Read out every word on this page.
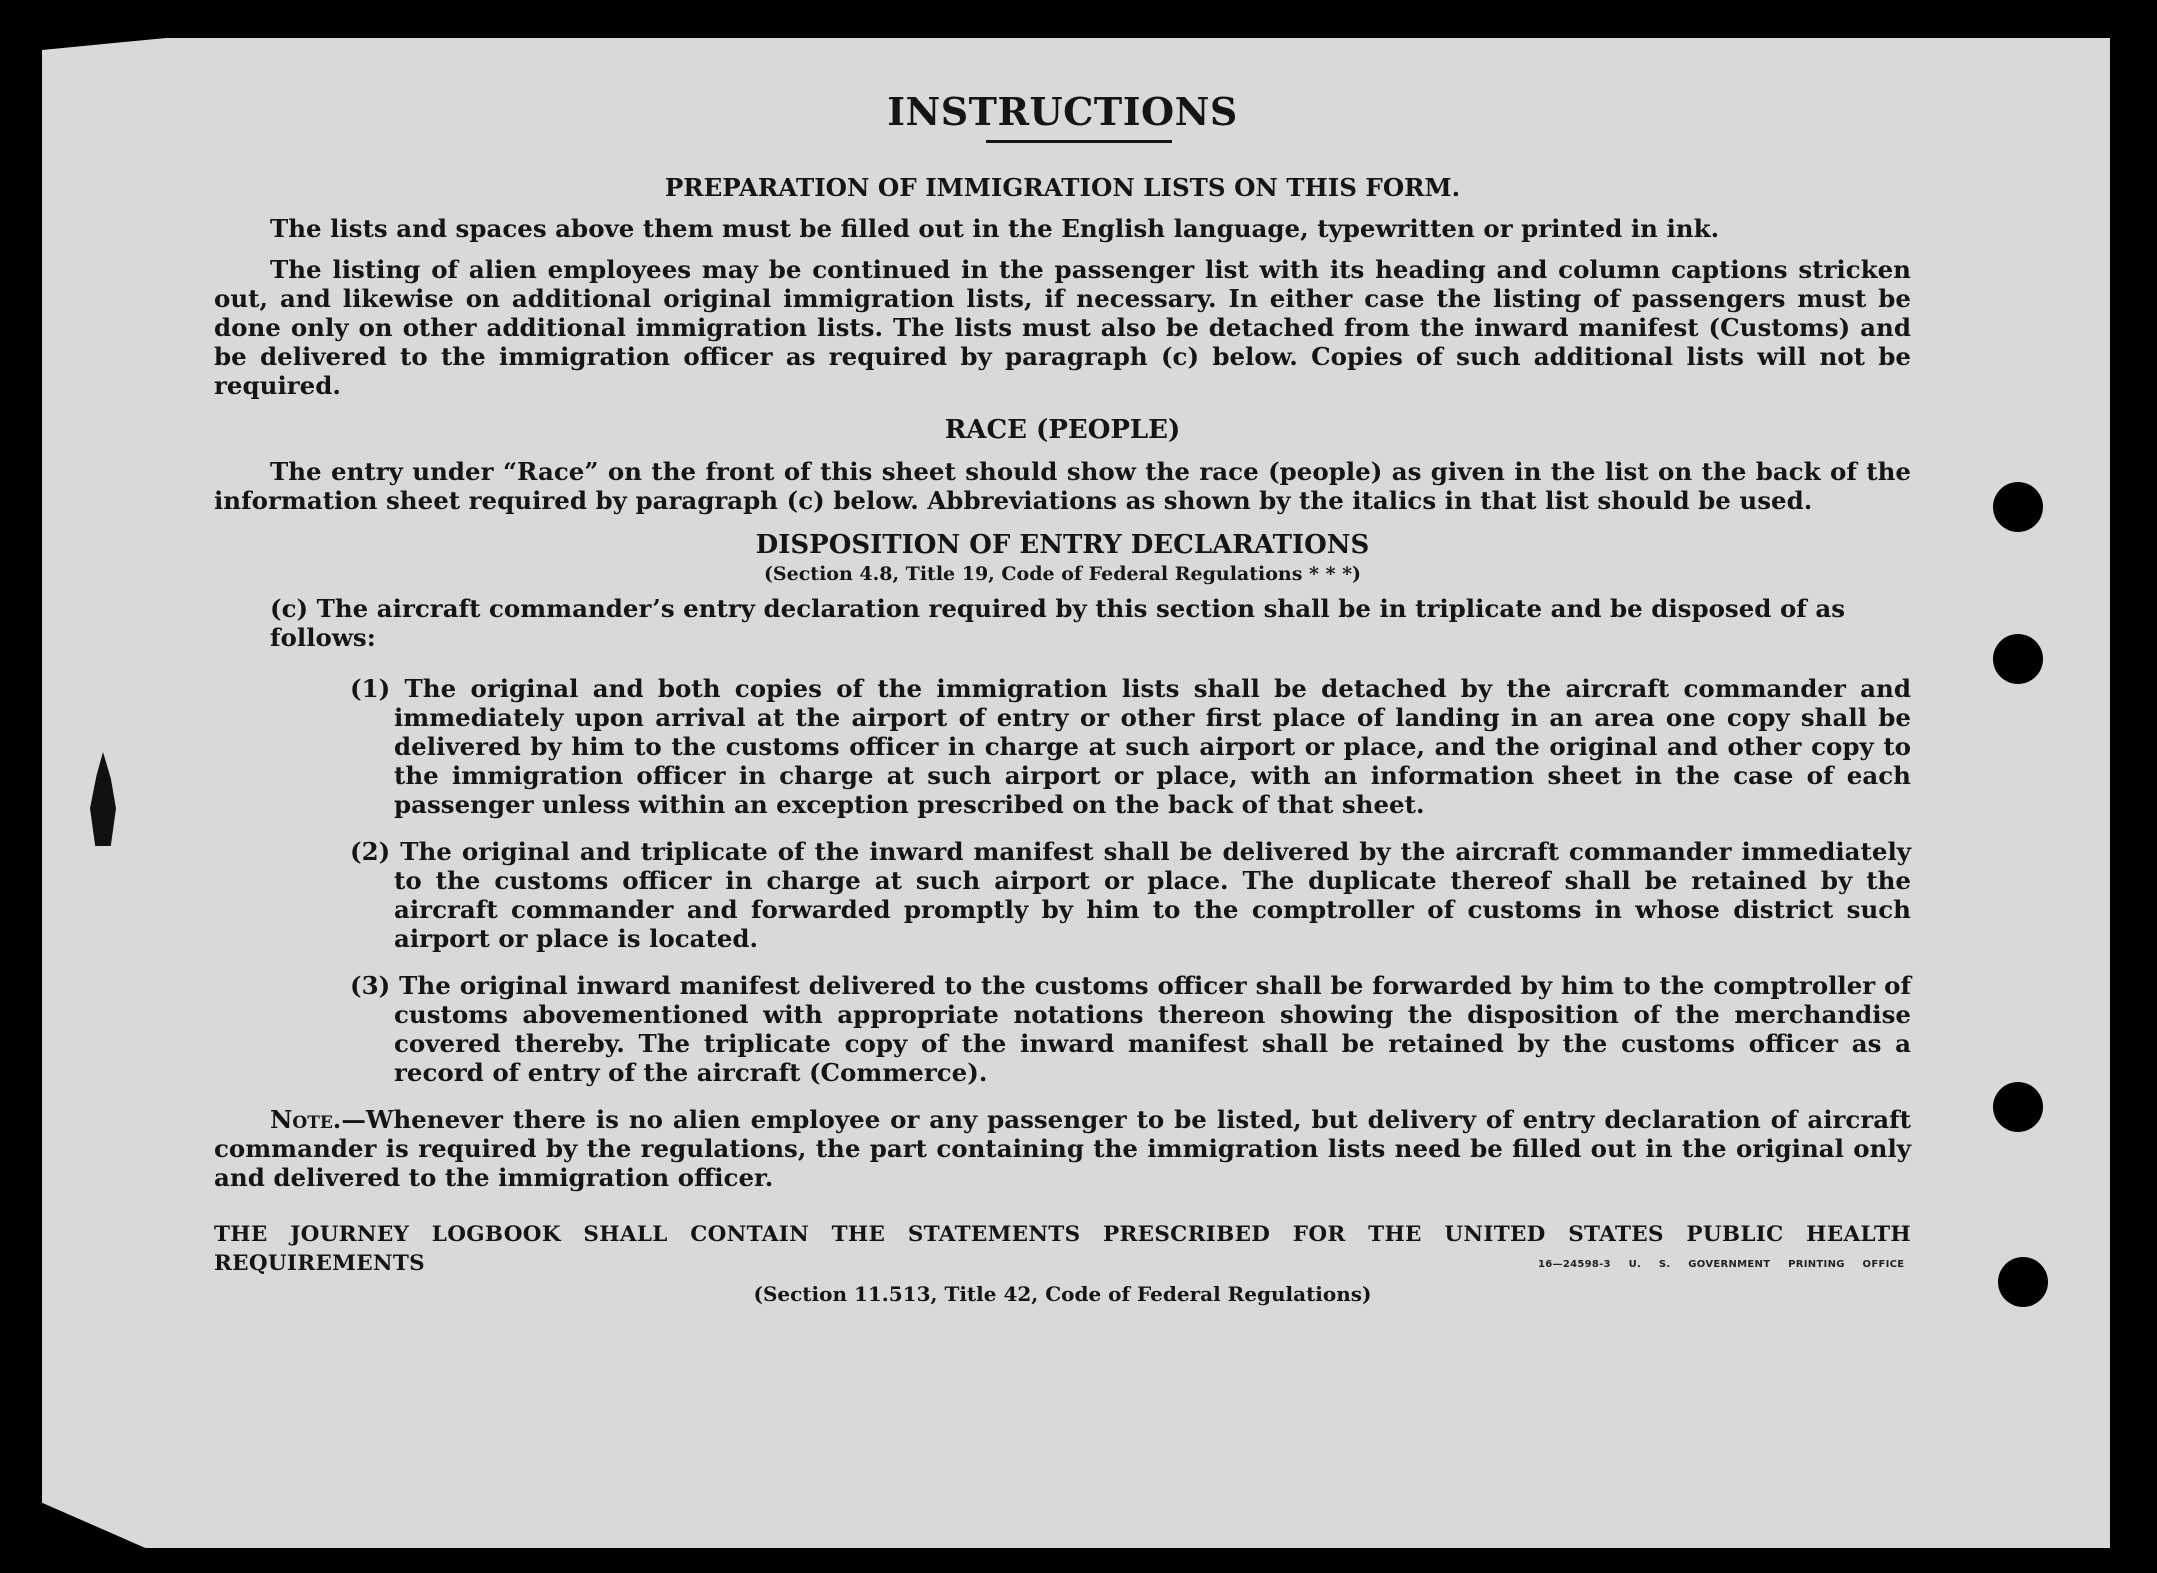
INSTRUCTIONS
PREPARATION OF IMMIGRATION LISTS ON THIS FORM.

The lists and spaces above them must be filled out in the English language, typewritten or printed in ink.

The listing of alien employees may be continued in the passenger list with its heading and column captions stricken out, and likewise on additional original immigration lists, if necessary. In either case the listing of passengers must be done only on other additional immigration lists. The lists must also be detached from the inward manifest (Customs) and be delivered to the immigration officer as required by paragraph (c) below. Copies of such additional lists will not be required.

RACE (PEOPLE)

The entry under “Race” on the front of this sheet should show the race (people) as given in the list on the back of the information sheet required by paragraph (c) below. Abbreviations as shown by the italics in that list should be used.

DISPOSITION OF ENTRY DECLARATIONS

(Section 4.8, Title 19, Code of Federal Regulations * * *)

(c) The aircraft commander’s entry declaration required by this section shall be in triplicate and be disposed of as follows:

(1) The original and both copies of the immigration lists shall be detached by the aircraft commander and immediately upon arrival at the airport of entry or other first place of landing in an area one copy shall be delivered by him to the customs officer in charge at such airport or place, and the original and other copy to the immigration officer in charge at such airport or place, with an information sheet in the case of each passenger unless within an exception prescribed on the back of that sheet.

(2) The original and triplicate of the inward manifest shall be delivered by the aircraft commander immediately to the customs officer in charge at such airport or place. The duplicate thereof shall be retained by the aircraft commander and forwarded promptly by him to the comptroller of customs in whose district such airport or place is located.

(3) The original inward manifest delivered to the customs officer shall be forwarded by him to the comptroller of customs abovementioned with appropriate notations thereon showing the disposition of the merchandise covered thereby. The triplicate copy of the inward manifest shall be retained by the customs officer as a record of entry of the aircraft (Commerce).

Note.—Whenever there is no alien employee or any passenger to be listed, but delivery of entry declaration of aircraft commander is required by the regulations, the part containing the immigration lists need be filled out in the original only and delivered to the immigration officer.

THE JOURNEY LOGBOOK SHALL CONTAIN THE STATEMENTS PRESCRIBED FOR THE UNITED STATES PUBLIC HEALTH REQUIREMENTS

(Section 11.513, Title 42, Code of Federal Regulations)

16—24598-3 U. S. GOVERNMENT PRINTING OFFICE
